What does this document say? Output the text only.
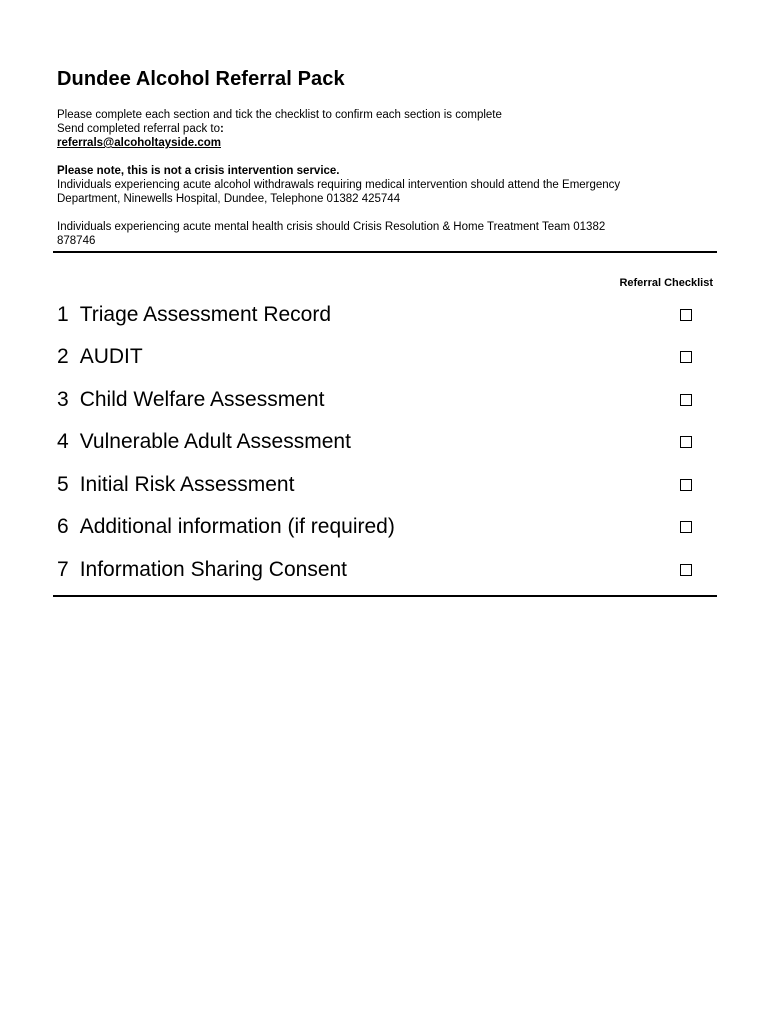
Dundee Alcohol Referral Pack
Please complete each section and tick the checklist to confirm each section is complete
Send completed referral pack to:
referrals@alcoholtayside.com
Please note, this is not a crisis intervention service.
Individuals experiencing acute alcohol withdrawals requiring medical intervention should attend the Emergency
Department, Ninewells Hospital, Dundee, Telephone 01382 425744
Individuals experiencing acute mental health crisis should Crisis Resolution & Home Treatment Team 01382
878746
Referral Checklist
1 Triage Assessment Record
2 AUDIT
3 Child Welfare Assessment
4 Vulnerable Adult Assessment
5 Initial Risk Assessment
6 Additional information (if required)
7 Information Sharing Consent
